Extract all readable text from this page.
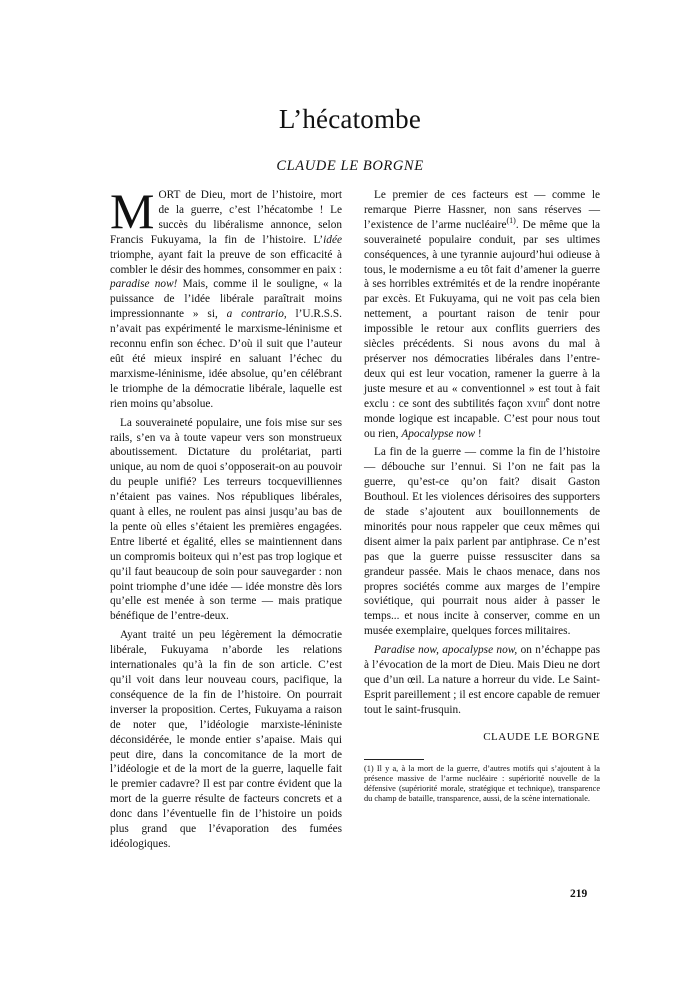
L’hécatombe
CLAUDE LE BORGNE

MORT de Dieu, mort de l’histoire, mort de la guerre, c’est l’hécatombe ! Le succès du libéralisme annonce, selon Francis Fukuyama, la fin de l’histoire. L’idée triomphe, ayant fait la preuve de son efficacité à combler le désir des hommes, consommer en paix : paradise now! Mais, comme il le souligne, « la puissance de l’idée libérale paraîtrait moins impressionnante » si, a contrario, l’U.R.S.S. n’avait pas expérimenté le marxisme-léninisme et reconnu enfin son échec. D’où il suit que l’auteur eût été mieux inspiré en saluant l’échec du marxisme-léninisme, idée absolue, qu’en célébrant le triomphe de la démocratie libérale, laquelle est rien moins qu’absolue.

La souveraineté populaire, une fois mise sur ses rails, s’en va à toute vapeur vers son monstrueux aboutissement. Dictature du prolétariat, parti unique, au nom de quoi s’opposerait-on au pouvoir du peuple unifié? Les terreurs tocquevilliennes n’étaient pas vaines. Nos républiques libérales, quant à elles, ne roulent pas ainsi jusqu’au bas de la pente où elles s’étaient les premières engagées. Entre liberté et égalité, elles se maintiennent dans un compromis boiteux qui n’est pas trop logique et qu’il faut beaucoup de soin pour sauvegarder : non point triomphe d’une idée — idée monstre dès lors qu’elle est menée à son terme — mais pratique bénéfique de l’entre-deux.

Ayant traité un peu légèrement la démocratie libérale, Fukuyama n’aborde les relations internationales qu’à la fin de son article. C’est qu’il voit dans leur nouveau cours, pacifique, la conséquence de la fin de l’histoire. On pourrait inverser la proposition. Certes, Fukuyama a raison de noter que, l’idéologie marxiste-léniniste déconsidérée, le monde entier s’apaise. Mais qui peut dire, dans la concomitance de la mort de l’idéologie et de la mort de la guerre, laquelle fait le premier cadavre? Il est par contre évident que la mort de la guerre résulte de facteurs concrets et a donc dans l’éventuelle fin de l’histoire un poids plus grand que l’évaporation des fumées idéologiques.

Le premier de ces facteurs est — comme le remarque Pierre Hassner, non sans réserves — l’existence de l’arme nucléaire$^{(1)}$. De même que la souveraineté populaire conduit, par ses ultimes conséquences, à une tyrannie aujourd’hui odieuse à tous, le modernisme a eu tôt fait d’amener la guerre à ses horribles extrémités et de la rendre inopérante par excès. Et Fukuyama, qui ne voit pas cela bien nettement, a pourtant raison de tenir pour impossible le retour aux conflits guerriers des siècles précédents. Si nous avons du mal à préserver nos démocraties libérales dans l’entre-deux qui est leur vocation, ramener la guerre à la juste mesure et au « conventionnel » est tout à fait exclu : ce sont des subtilités façon xviii$^e$ dont notre monde logique est incapable. C’est pour nous tout ou rien, Apocalypse now !

La fin de la guerre — comme la fin de l’histoire — débouche sur l’ennui. Si l’on ne fait pas la guerre, qu’est-ce qu’on fait? disait Gaston Bouthoul. Et les violences dérisoires des supporters de stade s’ajoutent aux bouillonnements de minorités pour nous rappeler que ceux mêmes qui disent aimer la paix parlent par antiphrase. Ce n’est pas que la guerre puisse ressusciter dans sa grandeur passée. Mais le chaos menace, dans nos propres sociétés comme aux marges de l’empire soviétique, qui pourrait nous aider à passer le temps... et nous incite à conserver, comme en un musée exemplaire, quelques forces militaires.

Paradise now, apocalypse now, on n’échappe pas à l’évocation de la mort de Dieu. Mais Dieu ne dort que d’un œil. La nature a horreur du vide. Le Saint-Esprit pareillement ; il est encore capable de remuer tout le saint-frusquin.

CLAUDE LE BORGNE

(1) Il y a, à la mort de la guerre, d’autres motifs qui s’ajoutent à la présence massive de l’arme nucléaire : supériorité nouvelle de la défensive (supériorité morale, stratégique et technique), transparence du champ de bataille, transparence, aussi, de la scène internationale.

219
